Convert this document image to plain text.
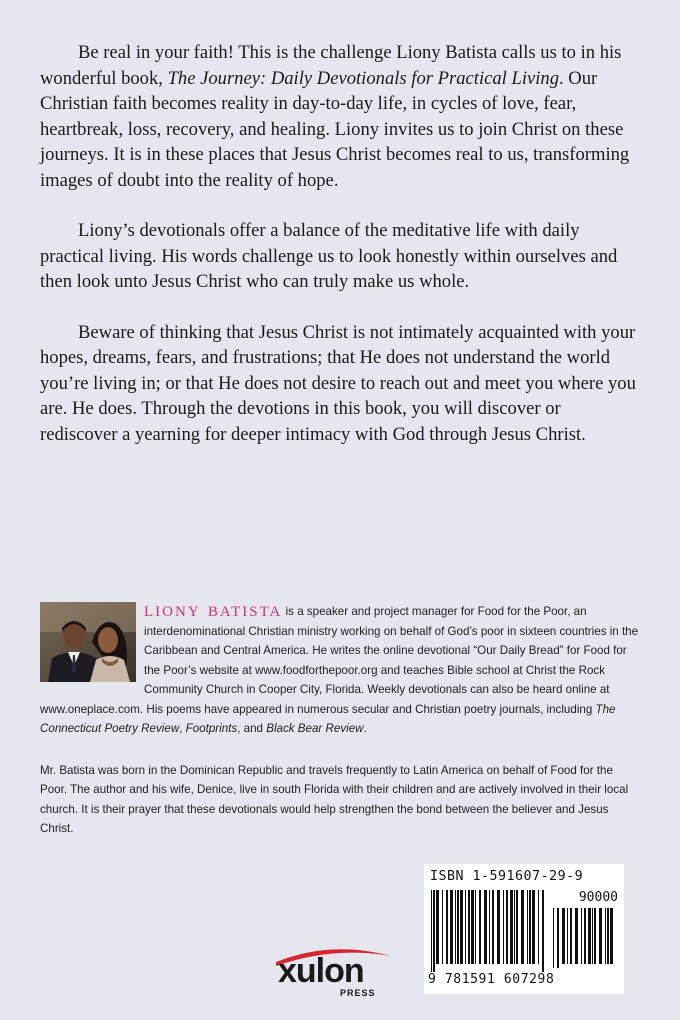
Be real in your faith! This is the challenge Liony Batista calls us to in his wonderful book, The Journey: Daily Devotionals for Practical Living. Our Christian faith becomes reality in day-to-day life, in cycles of love, fear, heartbreak, loss, recovery, and healing. Liony invites us to join Christ on these journeys. It is in these places that Jesus Christ becomes real to us, transforming images of doubt into the reality of hope.

Liony’s devotionals offer a balance of the meditative life with daily practical living. His words challenge us to look honestly within ourselves and then look unto Jesus Christ who can truly make us whole.

Beware of thinking that Jesus Christ is not intimately acquainted with your hopes, dreams, fears, and frustrations; that He does not understand the world you’re living in; or that He does not desire to reach out and meet you where you are. He does. Through the devotions in this book, you will discover or rediscover a yearning for deeper intimacy with God through Jesus Christ.

liony batista is a speaker and project manager for Food for the Poor, an interdenominational Christian ministry working on behalf of God’s poor in sixteen countries in the Caribbean and Central America. He writes the online devotional “Our Daily Bread” for Food for the Poor’s website at www.foodforthepoor.org and teaches Bible school at Christ the Rock Community Church in Cooper City, Florida. Weekly devotionals can also be heard online at www.oneplace.com. His poems have appeared in numerous secular and Christian poetry journals, including The Connecticut Poetry Review, Footprints, and Black Bear Review.

Mr. Batista was born in the Dominican Republic and travels frequently to Latin America on behalf of Food for the Poor. The author and his wife, Denice, live in south Florida with their children and are actively involved in their local church. It is their prayer that these devotionals would help strengthen the bond between the believer and Jesus Christ.

xulon
PRESS
ISBN 1-591607-29-9
90000
9 781591 607298
